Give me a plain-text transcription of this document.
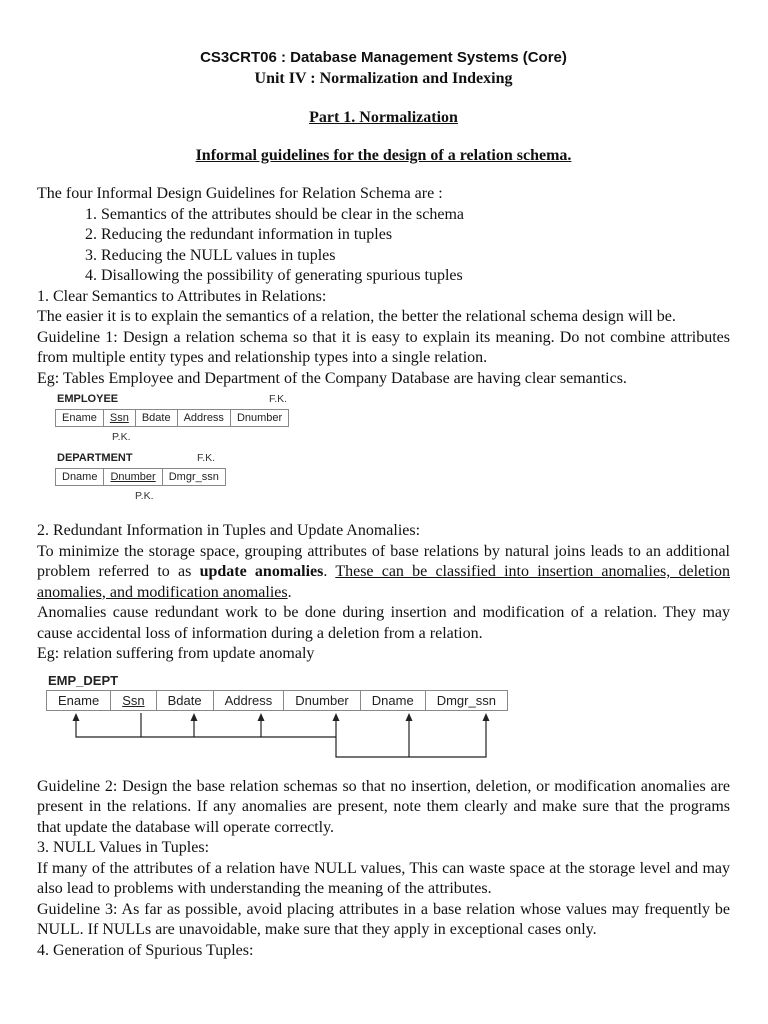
CS3CRT06 : Database Management Systems (Core)
Unit IV : Normalization and Indexing
Part 1. Normalization
Informal guidelines for the design of a relation schema.

The four Informal Design Guidelines for Relation Schema are :

1. Semantics of the attributes should be clear in the schema
2. Reducing the redundant information in tuples
3. Reducing the NULL values in tuples
4. Disallowing the possibility of generating spurious tuples

1. Clear Semantics to Attributes in Relations:

The easier it is to explain the semantics of a relation, the better the relational schema design will be.

Guideline 1: Design a relation schema so that it is easy to explain its meaning. Do not combine attributes from multiple entity types and relationship types into a single relation.

Eg: Tables Employee and Department of the Company Database are having clear semantics.

EMPLOYEE	F.K.
Ename	Ssn	Bdate	Address	Dnumber
P.K.
DEPARTMENT	F.K.
Dname	Dnumber	Dmgr_ssn
P.K.

2. Redundant Information in Tuples and Update Anomalies:

To minimize the storage space, grouping attributes of base relations by natural joins leads to an additional problem referred to as update anomalies. These can be classified into insertion anomalies, deletion anomalies, and modification anomalies.

Anomalies cause redundant work to be done during insertion and modification of a relation. They may cause accidental loss of information during a deletion from a relation.

Eg: relation suffering from update anomaly

EMP_DEPT
Ename	Ssn	Bdate	Address	Dnumber	Dname	Dmgr_ssn

Guideline 2: Design the base relation schemas so that no insertion, deletion, or modification anomalies are present in the relations. If any anomalies are present, note them clearly and make sure that the programs that update the database will operate correctly.

3. NULL Values in Tuples:

If many of the attributes of a relation have NULL values, This can waste space at the storage level and may also lead to problems with understanding the meaning of the attributes.

Guideline 3: As far as possible, avoid placing attributes in a base relation whose values may frequently be NULL. If NULLs are unavoidable, make sure that they apply in exceptional cases only.

4. Generation of Spurious Tuples:
